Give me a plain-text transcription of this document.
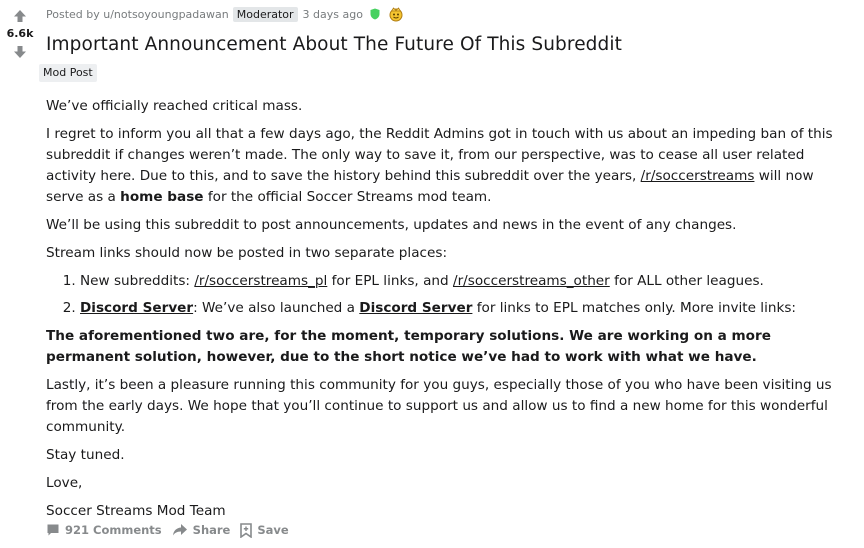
6.6k
Posted by u/notsoyoungpadawan Moderator 3 days ago
Important Announcement About The Future Of This Subreddit
Mod Post

We’ve officially reached critical mass.

I regret to inform you all that a few days ago, the Reddit Admins got in touch with us about an impeding ban of this subreddit if changes weren’t made. The only way to save it, from our perspective, was to cease all user related activity here. Due to this, and to save the history behind this subreddit over the years, /r/soccerstreams will now serve as a home base for the official Soccer Streams mod team.

We’ll be using this subreddit to post announcements, updates and news in the event of any changes.

Stream links should now be posted in two separate places:

1. New subreddits: /r/soccerstreams_pl for EPL links, and /r/soccerstreams_other for ALL other leagues.
2. Discord Server: We’ve also launched a Discord Server for links to EPL matches only. More invite links:

The aforementioned two are, for the moment, temporary solutions. We are working on a more permanent solution, however, due to the short notice we’ve had to work with what we have.

Lastly, it’s been a pleasure running this community for you guys, especially those of you who have been visiting us from the early days. We hope that you’ll continue to support us and allow us to find a new home for this wonderful community.

Stay tuned.

Love,

Soccer Streams Mod Team

921 Comments	Share Save
